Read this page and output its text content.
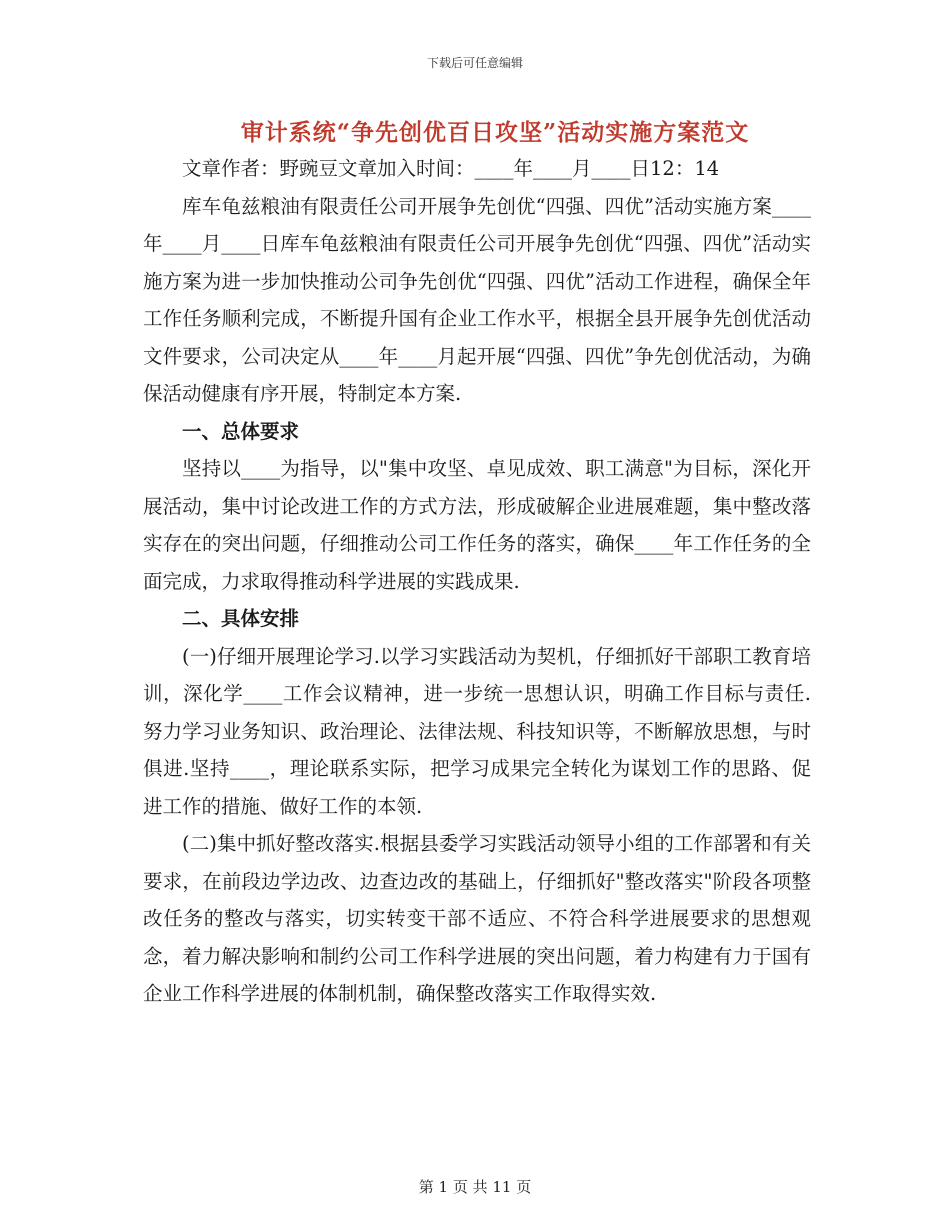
下载后可任意编辑
审计系统“争先创优百日攻坚”活动实施方案范文

文章作者：野豌豆文章加入时间：____年____月____日12：14

库车龟兹粮油有限责任公司开展争先创优“四强、四优”活动实施方案____年____月____日库车龟兹粮油有限责任公司开展争先创优“四强、四优”活动实施方案为进一步加快推动公司争先创优“四强、四优”活动工作进程，确保全年工作任务顺利完成，不断提升国有企业工作水平，根据全县开展争先创优活动文件要求，公司决定从____年____月起开展“四强、四优”争先创优活动，为确保活动健康有序开展，特制定本方案.

一、总体要求

坚持以____为指导，以"集中攻坚、卓见成效、职工满意"为目标，深化开展活动，集中讨论改进工作的方式方法，形成破解企业进展难题，集中整改落实存在的突出问题，仔细推动公司工作任务的落实，确保____年工作任务的全面完成，力求取得推动科学进展的实践成果.

二、具体安排

(一)仔细开展理论学习.以学习实践活动为契机，仔细抓好干部职工教育培训，深化学____工作会议精神，进一步统一思想认识，明确工作目标与责任.努力学习业务知识、政治理论、法律法规、科技知识等，不断解放思想，与时俱进.坚持____，理论联系实际，把学习成果完全转化为谋划工作的思路、促进工作的措施、做好工作的本领.

(二)集中抓好整改落实.根据县委学习实践活动领导小组的工作部署和有关要求，在前段边学边改、边查边改的基础上，仔细抓好"整改落实"阶段各项整改任务的整改与落实，切实转变干部不适应、不符合科学进展要求的思想观念，着力解决影响和制约公司工作科学进展的突出问题，着力构建有力于国有企业工作科学进展的体制机制，确保整改落实工作取得实效.

第 1 页 共 11 页
